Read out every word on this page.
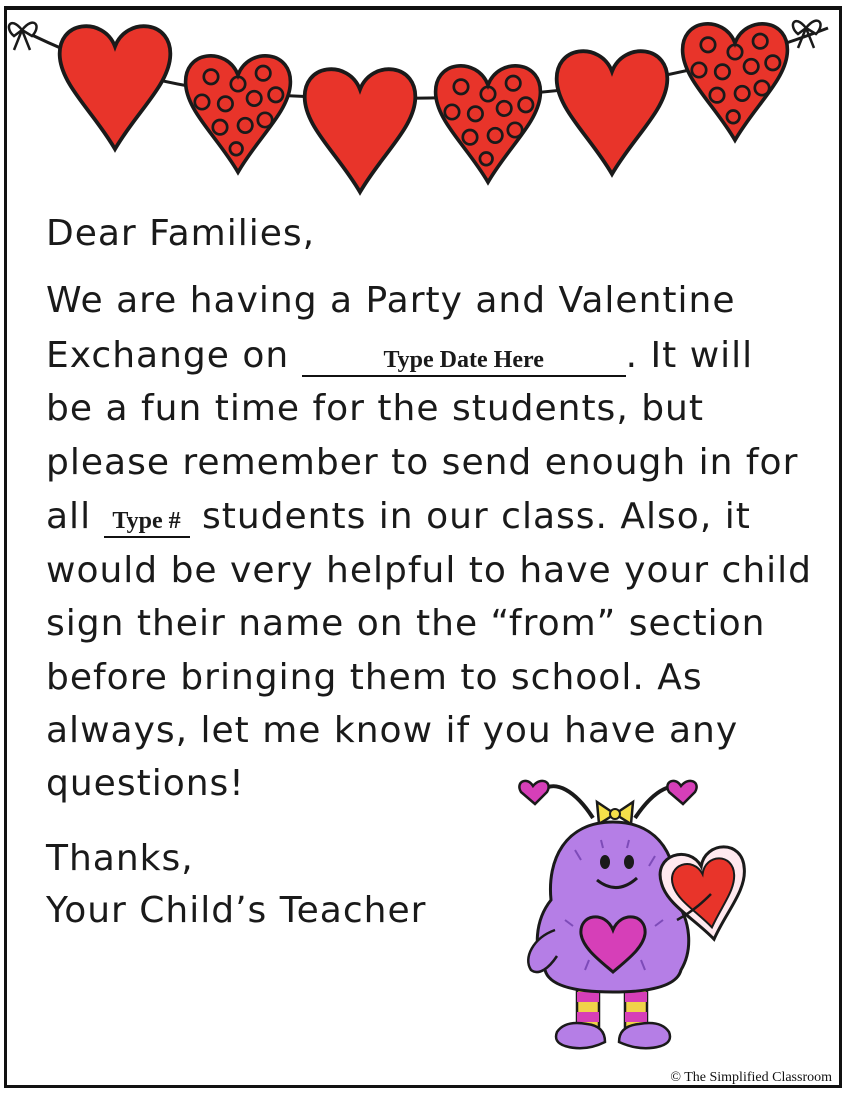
Dear Families,
We are having a Party and Valentine
Exchange on	Type Date Here . It will
be a fun time for the students, but
please remember to send enough in for
all Type # students in our class. Also, it
would be very helpful to have your child
sign their name on the “from” section
before bringing them to school. As
always, let me know if you have any
questions!
Thanks,
Your Child’s Teacher
© The Simplified Classroom
